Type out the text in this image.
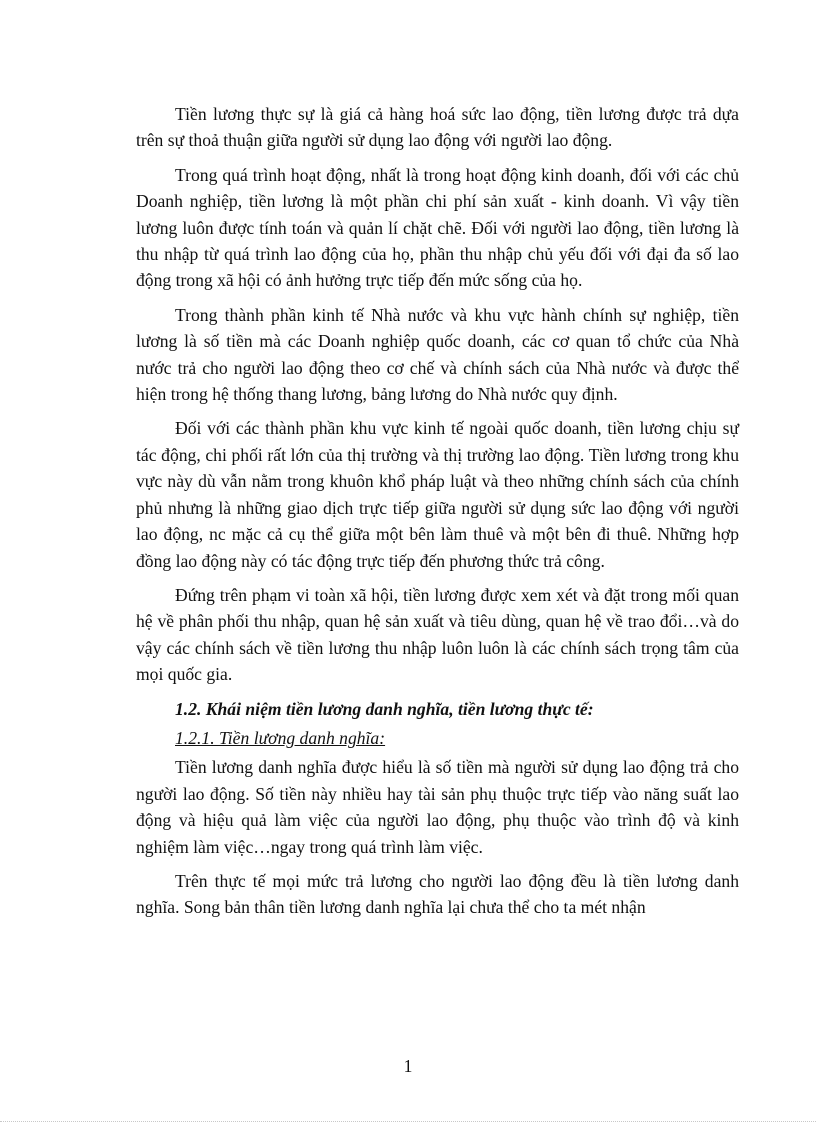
Tiền lương thực sự là giá cả hàng hoá sức lao động, tiền lương được trả dựa trên sự thoả thuận giữa người sử dụng lao động với người lao động.

Trong quá trình hoạt động, nhất là trong hoạt động kinh doanh, đối với các chủ Doanh nghiệp, tiền lương là một phần chi phí sản xuất - kinh doanh. Vì vậy tiền lương luôn được tính toán và quản lí chặt chẽ. Đối với người lao động, tiền lương là thu nhập từ quá trình lao động của họ, phần thu nhập chủ yếu đối với đại đa số lao động trong xã hội có ảnh hưởng trực tiếp đến mức sống của họ.

Trong thành phần kinh tế Nhà nước và khu vực hành chính sự nghiệp, tiền lương là số tiền mà các Doanh nghiệp quốc doanh, các cơ quan tổ chức của Nhà nước trả cho người lao động theo cơ chế và chính sách của Nhà nước và được thể hiện trong hệ thống thang lương, bảng lương do Nhà nước quy định.

Đối với các thành phần khu vực kinh tế ngoài quốc doanh, tiền lương chịu sự tác động, chi phối rất lớn của thị trường và thị trường lao động. Tiền lương trong khu vực này dù vẫn nằm trong khuôn khổ pháp luật và theo những chính sách của chính phủ nhưng là những giao dịch trực tiếp giữa người sử dụng sức lao động với người lao động, nc mặc cả cụ thể giữa một bên làm thuê và một bên đi thuê. Những hợp đồng lao động này có tác động trực tiếp đến phương thức trả công.

Đứng trên phạm vi toàn xã hội, tiền lương được xem xét và đặt trong mối quan hệ về phân phối thu nhập, quan hệ sản xuất và tiêu dùng, quan hệ về trao đổi…và do vậy các chính sách về tiền lương thu nhập luôn luôn là các chính sách trọng tâm của mọi quốc gia.

1.2. Khái niệm tiền lương danh nghĩa, tiền lương thực tế:

1.2.1. Tiền lương danh nghĩa:

Tiền lương danh nghĩa được hiểu là số tiền mà người sử dụng lao động trả cho người lao động. Số tiền này nhiều hay tài sản phụ thuộc trực tiếp vào năng suất lao động và hiệu quả làm việc của người lao động, phụ thuộc vào trình độ và kinh nghiệm làm việc…ngay trong quá trình làm việc.

Trên thực tế mọi mức trả lương cho người lao động đều là tiền lương danh nghĩa. Song bản thân tiền lương danh nghĩa lại chưa thể cho ta mét nhận

1
